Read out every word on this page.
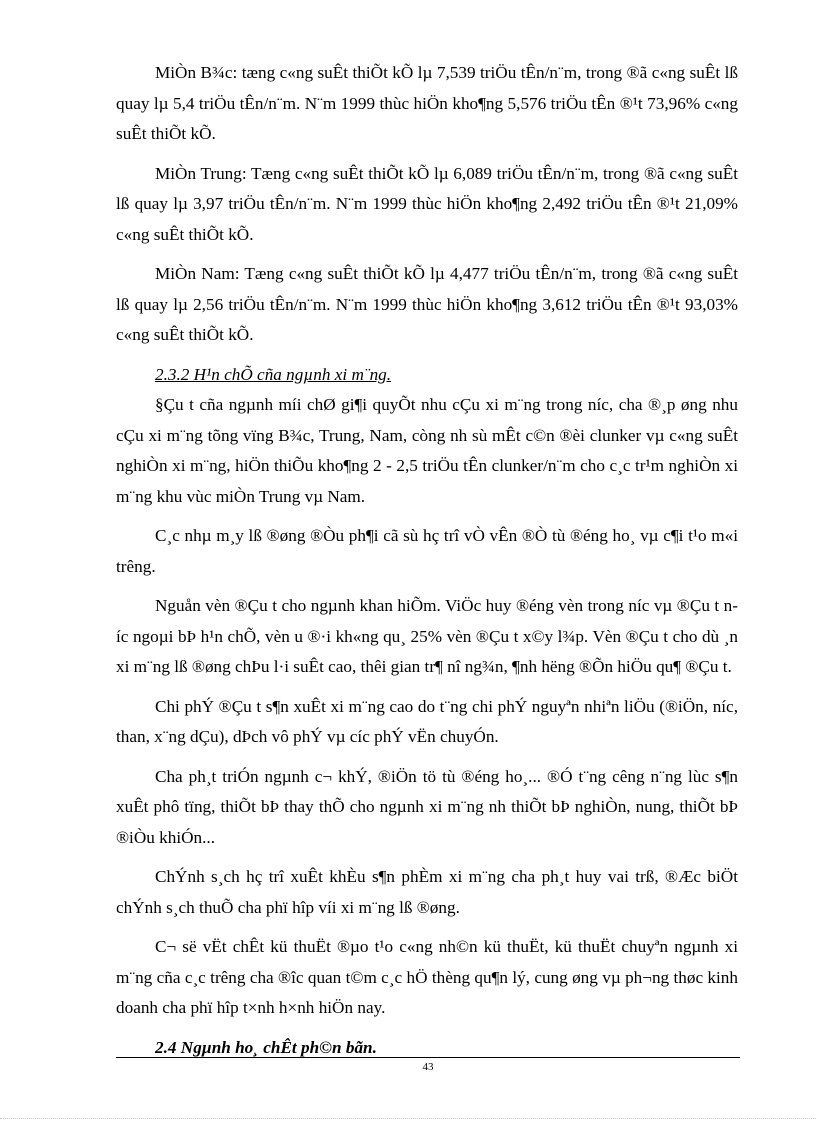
MiÒn B¾c: tæng c«ng suÊt thiÕt kÕ lµ 7,539 triÖu tÊn/n¨m, trong ®ã c«ng suÊt lß quay lµ 5,4 triÖu tÊn/n¨m. N¨m 1999 thùc hiÖn kho¶ng 5,576 triÖu tÊn ®¹t 73,96% c«ng suÊt thiÕt kÕ.

MiÒn Trung: Tæng c«ng suÊt thiÕt kÕ lµ 6,089 triÖu tÊn/n¨m, trong ®ã c«ng suÊt lß quay lµ 3,97 triÖu tÊn/n¨m. N¨m 1999 thùc hiÖn kho¶ng 2,492 triÖu tÊn ®¹t 21,09% c«ng suÊt thiÕt kÕ.

MiÒn Nam: Tæng c«ng suÊt thiÕt kÕ lµ 4,477 triÖu tÊn/n¨m, trong ®ã c«ng suÊt lß quay lµ 2,56 triÖu tÊn/n¨m. N¨m 1999 thùc hiÖn kho¶ng 3,612 triÖu tÊn ®¹t 93,03% c«ng suÊt thiÕt kÕ.

2.3.2 H¹n chÕ cña ngµnh xi m¨ng.

§Çu t cña ngµnh míi chØ gi¶i quyÕt nhu cÇu xi m¨ng trong níc, cha ®¸p øng nhu cÇu xi m¨ng tõng vïng B¾c, Trung, Nam, còng nh sù mÊt c©n ®èi clunker vµ c«ng suÊt nghiÒn xi m¨ng, hiÖn thiÕu kho¶ng 2 - 2,5 triÖu tÊn clunker/n¨m cho c¸c tr¹m nghiÒn xi m¨ng khu vùc miÒn Trung vµ Nam.

C¸c nhµ m¸y lß ®øng ®Òu ph¶i cã sù hç trî vÒ vÊn ®Ò tù ®éng ho¸ vµ c¶i t¹o m«i trêng.

Nguån vèn ®Çu t cho ngµnh khan hiÕm. ViÖc huy ®éng vèn trong níc vµ ®Çu t níc ngoµi bÞ h¹n chÕ, vèn u ®·i kh«ng qu¸ 25% vèn ®Çu t x©y l¾p. Vèn ®Çu t cho dù ¸n xi m¨ng lß ®øng chÞu l·i suÊt cao, thêi gian tr¶ nî ng¾n, ¶nh hëng ®Õn hiÖu qu¶ ®Çu t.

Chi phÝ ®Çu t s¶n xuÊt xi m¨ng cao do t¨ng chi phÝ nguyªn nhiªn liÖu (®iÖn, níc, than, x¨ng dÇu), dÞch vô phÝ vµ cíc phÝ vËn chuyÓn.

Cha ph¸t triÓn ngµnh c¬ khÝ, ®iÖn tö tù ®éng ho¸... ®Ó t¨ng cêng n¨ng lùc s¶n xuÊt phô tïng, thiÕt bÞ thay thÕ cho ngµnh xi m¨ng nh thiÕt bÞ nghiÒn, nung, thiÕt bÞ ®iÒu khiÓn...

ChÝnh s¸ch hç trî xuÊt khÈu s¶n phÈm xi m¨ng cha ph¸t huy vai trß, ®Æc biÖt chÝnh s¸ch thuÕ cha phï hîp víi xi m¨ng lß ®øng.

C¬ së vËt chÊt kü thuËt ®µo t¹o c«ng nh©n kü thuËt, kü thuËt chuyªn ngµnh xi m¨ng cña c¸c trêng cha ®îc quan t©m c¸c hÖ thèng qu¶n lý, cung øng vµ ph¬ng thøc kinh doanh cha phï hîp t×nh h×nh hiÖn nay.

2.4 Ngµnh ho¸ chÊt ph©n bãn.
43
